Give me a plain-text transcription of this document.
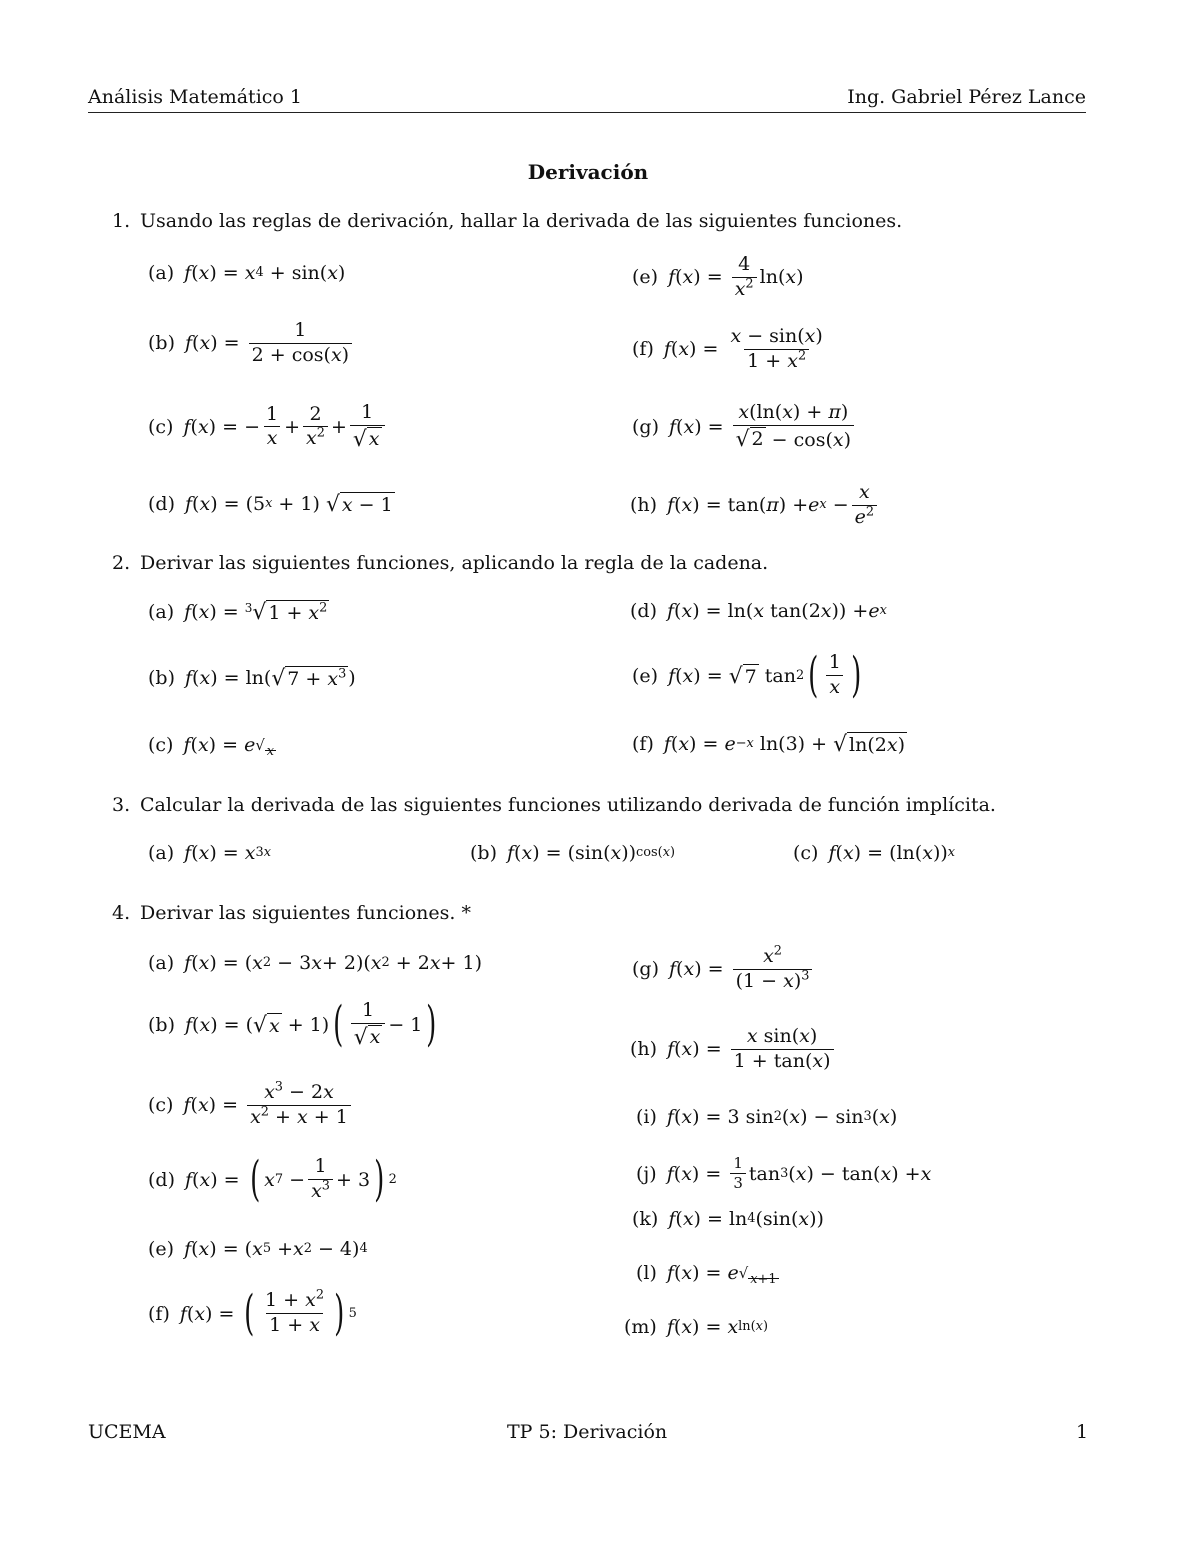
Análisis Matemático 1	Ing. Gabriel Pérez Lance
Derivación
1. Usando las reglas de derivación, hallar la derivada de las siguientes funciones.
(a) f ( x ) = x 4 + sin( x )	(e) f ( x ) = $\frac{4}{x^2} \ln$( x )
(b) f ( x ) = $\frac{1}{2 + \cos(x)}$	(f) f ( x ) = $\frac{x - \sin(x)}{1 + x^2}$
(c) f ( x ) = − $\frac{1}{x} + \frac{2}{x^2} + \frac{1}{√ x}$	(g) f ( x ) = $\frac{x(\ln(x) + \pi)}{√ 2 - \cos(x)}$
(d) f ( x ) = (5 x + 1) √ x − 1	(h) f ( x ) = tan( π ) + e $x - \frac{x}{e^2}$
2. Derivar las siguientes funciones, aplicando la regla de la cadena.
(a) f ( x ) = $^3$√ $1 + x^2$	(d) f ( x ) = ln( x tan(2 x )) + e x
(b) f ( x ) = ln( √ $7 + x^3$ )	(e) f ( x ) = √ 7 tan 2 ( $\frac{1}{x}$ )
(c) f ( x ) = e √ x	(f) f ( x ) = e −x ln(3) + √ ln(2x)
3. Calcular la derivada de las siguientes funciones utilizando derivada de función implícita.
(a) f ( x ) = x 3x	(b) f ( x ) = (sin( x )) cos(x)	(c) f ( x ) = (ln( x )) x
4. Derivar las siguientes funciones. *
(a) f ( x ) = ( x 2 − 3 x + 2)( x 2 + 2 x + 1)	(g) f ( x ) = $\frac{x^2}{(1 - x)^3}$
(b) f ( x ) = ( √ x + 1) ( $\frac{1}{√ x} - 1$ )	(h) f ( x ) = $\frac{\text{x sin(x)}}{1 + \tan(x)}$
(c) f ( x ) = $\frac{x^3 - 2x}{x^2 + x + 1}$	(i) f ( x ) = 3 sin 2 ( x ) − sin 3 ( x )
(j) f ( x ) = $\frac{1}{3}$ tan 3 ( x ) − tan( x ) + x
(d) f ( x ) = ( x $7 - \frac{1}{x^3} + 3$ ) 2
(k) f ( x ) = ln 4 (sin( x ))
(e) f ( x ) = ( x 5 + x 2 − 4) 4
(l) f ( x ) = e √ x+1
(f) f ( x ) = ( $\frac{1 + x^2}{1 + x}$ ) 5
(m) f ( x ) = x ln(x)
UCEMA	TP 5: Derivación	1
